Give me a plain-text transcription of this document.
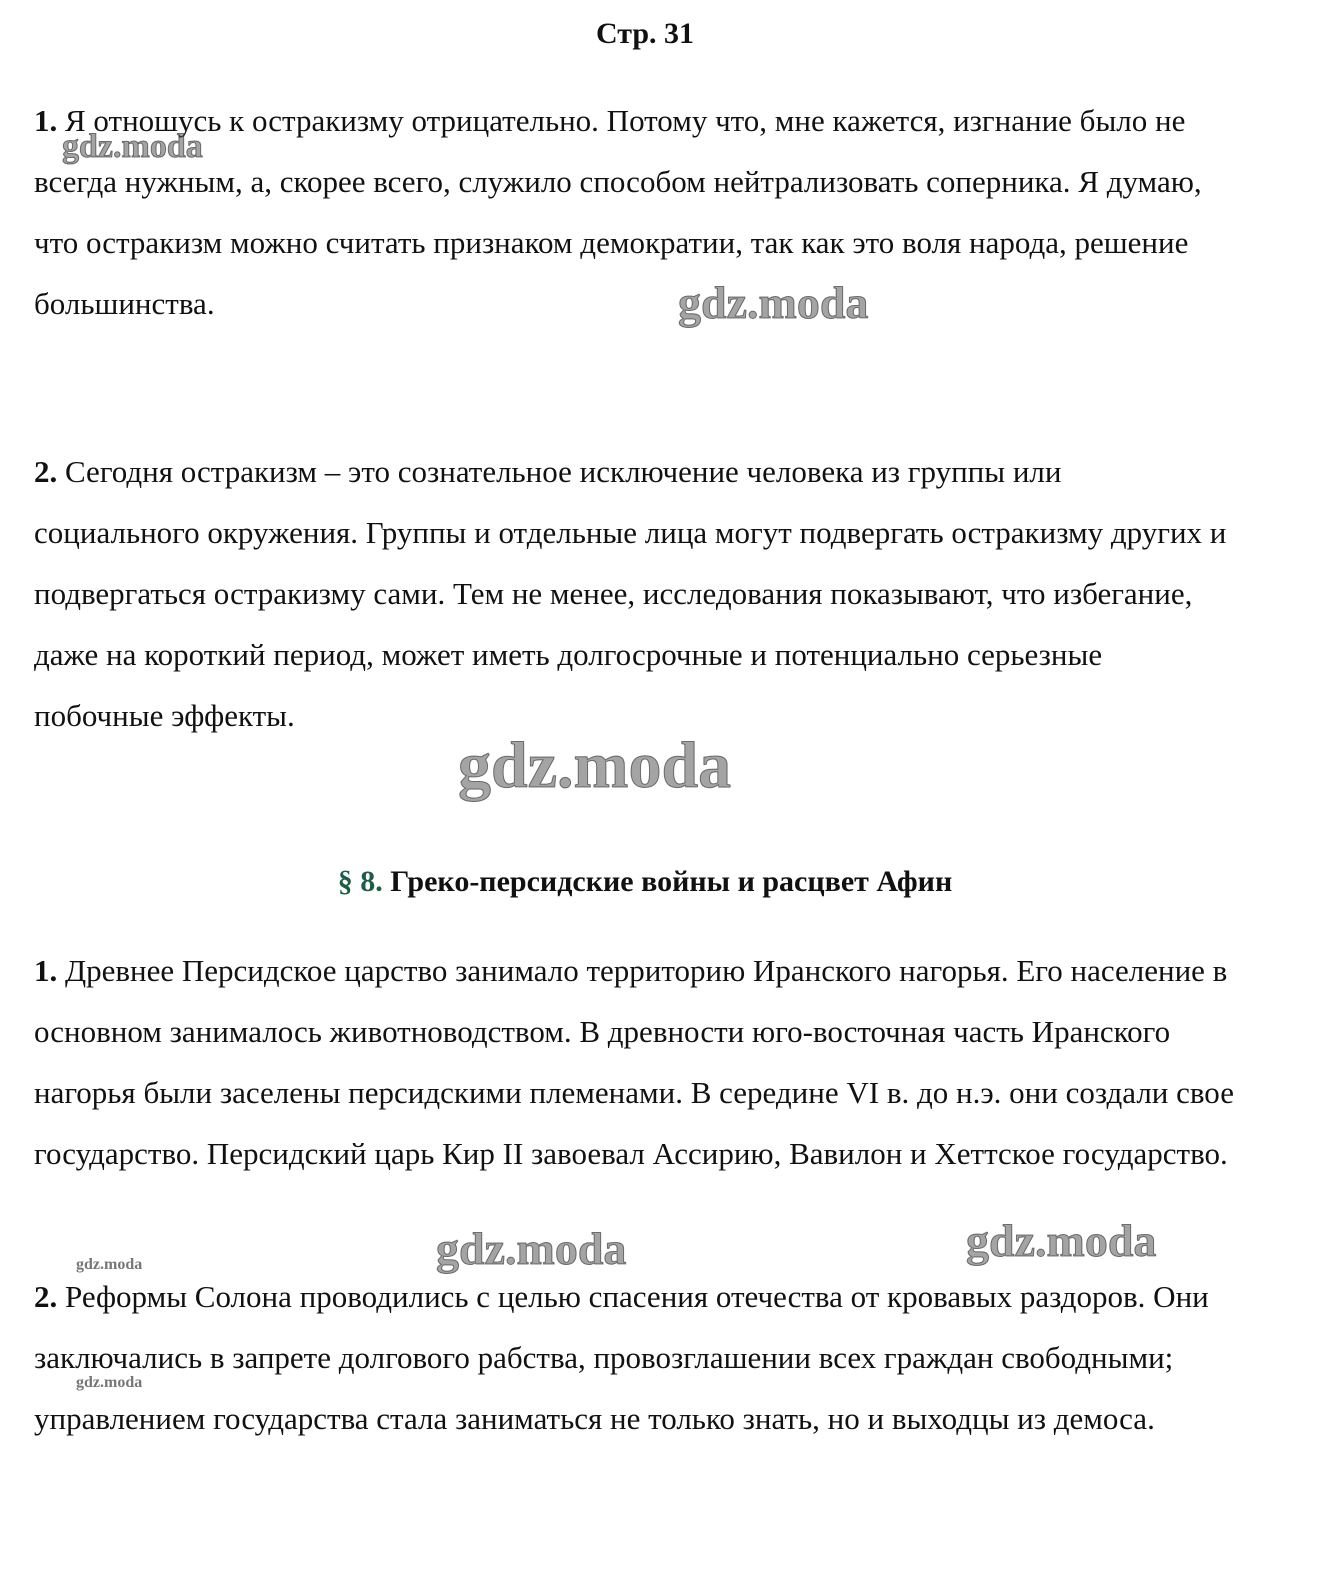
Стр. 31

1. Я отношусь к остракизму отрицательно. Потому что, мне кажется, изгнание было не всегда нужным, а, скорее всего, служило способом нейтрализовать соперника. Я думаю, что остракизм можно считать признаком демократии, так как это воля народа, решение большинства.

2. Сегодня остракизм – это сознательное исключение человека из группы или социального окружения. Группы и отдельные лица могут подвергать остракизму других и подвергаться остракизму сами. Тем не менее, исследования показывают, что избегание, даже на короткий период, может иметь долгосрочные и потенциально серьезные побочные эффекты.

§ 8. Греко-персидские войны и расцвет Афин

1. Древнее Персидское царство занимало территорию Иранского нагорья. Его население в основном занималось животноводством. В древности юго-восточная часть Иранского нагорья были заселены персидскими племенами. В середине VI в. до н.э. они создали свое государство. Персидский царь Кир II завоевал Ассирию, Вавилон и Хеттское государство.

2. Реформы Солона проводились с целью спасения отечества от кровавых раздоров. Они заключались в запрете долгового рабства, провозглашении всех граждан свободными; управлением государства стала заниматься не только знать, но и выходцы из демоса.

gdz.moda
gdz.moda
gdz.moda
gdz.moda	gdz.moda
gdz.moda
gdz.moda
